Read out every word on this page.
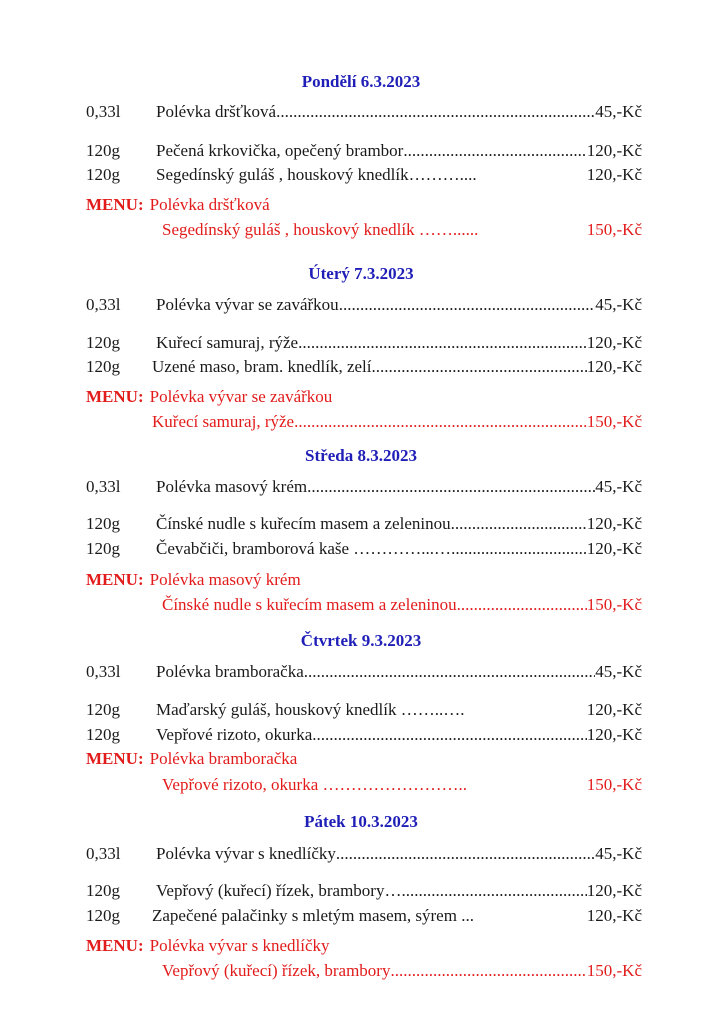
Pondělí 6.3.2023
0,33l	Polévka dršťková .....	45,-Kč
120g	Pečená krkovička, opečený brambor .....	120,-Kč
120g	Segedínský guláš , houskový knedlík………....	120,-Kč
MENU: Polévka dršťková
Segedínský guláš , houskový knedlík ……......	150,-Kč
Úterý 7.3.2023
0,33l	Polévka vývar se zavářkou .....	45,-Kč
120g	Kuřecí samuraj, rýže .....	120,-Kč
120g	Uzené maso, bram. knedlík, zelí .....	120,-Kč
MENU: Polévka vývar se zavářkou
Kuřecí samuraj, rýže .....	150,-Kč
Středa 8.3.2023
0,33l	Polévka masový krém .....	45,-Kč
120g	Čínské nudle s kuřecím masem a zeleninou .....	120,-Kč
120g	Čevabčiči, bramborová kaše …………...… .....	120,-Kč
MENU: Polévka masový krém
Čínské nudle s kuřecím masem a zeleninou .....	150,-Kč
Čtvrtek 9.3.2023
0,33l	Polévka bramboračka .....	45,-Kč
120g	Maďarský guláš, houskový knedlík ……..….	120,-Kč
120g	Vepřové rizoto, okurka .....	120,-Kč
MENU: Polévka bramboračka
Vepřové rizoto, okurka ……………………..	150,-Kč
Pátek 10.3.2023
0,33l	Polévka vývar s knedlíčky .....	45,-Kč
120g	Vepřový (kuřecí) řízek, brambory… .....	120,-Kč
120g	Zapečené palačinky s mletým masem, sýrem ...	120,-Kč
MENU: Polévka vývar s knedlíčky
Vepřový (kuřecí) řízek, brambory .....	150,-Kč
